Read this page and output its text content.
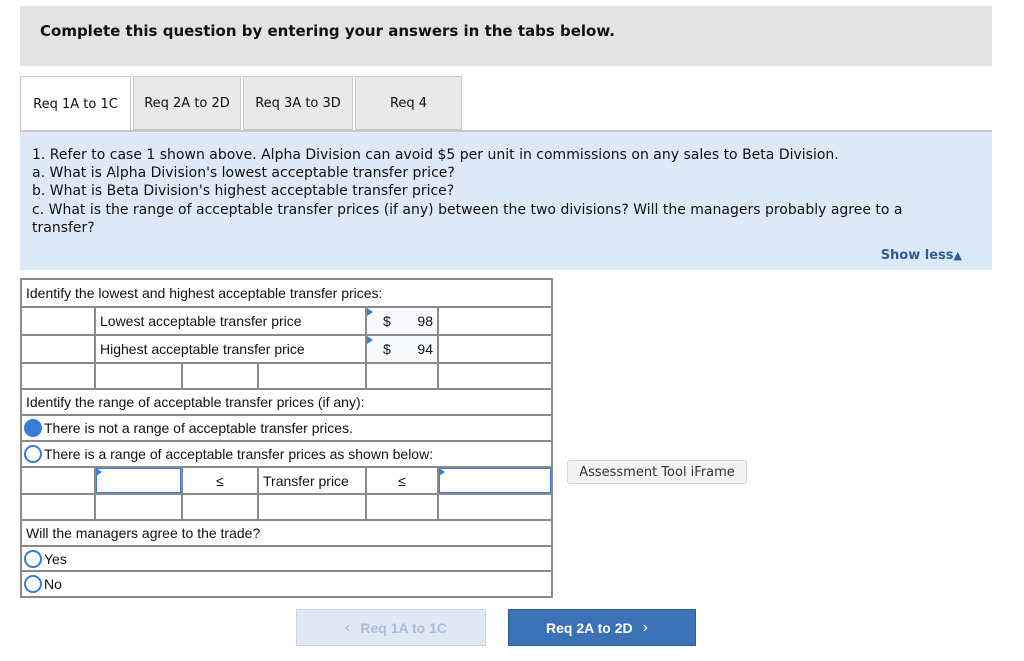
Complete this question by entering your answers in the tabs below.
Req 1A to 1C Req 2A to 2D Req 3A to 3D	Req 4
1. Refer to case 1 shown above. Alpha Division can avoid $5 per unit in commissions on any sales to Beta Division.
a. What is Alpha Division's lowest acceptable transfer price?
b. What is Beta Division's highest acceptable transfer price?
c. What is the range of acceptable transfer prices (if any) between the two divisions? Will the managers probably agree to a
transfer?
Show less▲
Identify the lowest and highest acceptable transfer prices:
Lowest acceptable transfer price	$ 98
Highest acceptable transfer price	$ 94
Identify the range of acceptable transfer prices (if any):
There is not a range of acceptable transfer prices.
There is a range of acceptable transfer prices as shown below:
≤	Transfer price	≤
Will the managers agree to the trade?
Yes
No
Assessment Tool iFrame
‹ Req 1A to 1C	Req 2A to 2D ›
